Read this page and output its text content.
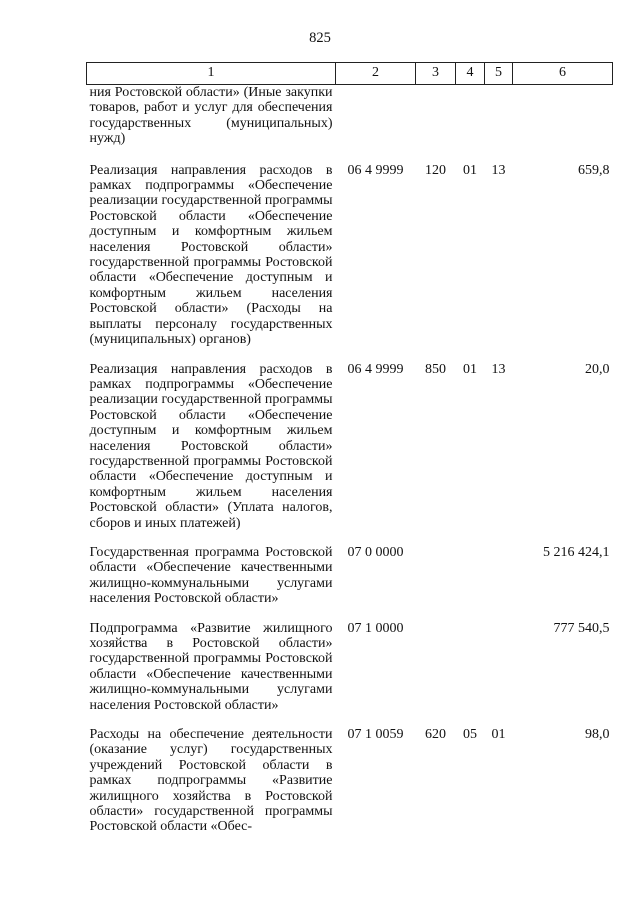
825
1	2	3	4	5	6
ния Ростовской области» (Иные закупки товаров, работ и услуг для обеспечения государственных (муниципальных) нужд)					
Реализация направления расходов в рамках подпрограммы «Обеспечение реализации государственной программы Ростовской области «Обеспечение доступным и комфортным жильем населения Ростовской области» государственной программы Ростовской области «Обеспечение доступным и комфортным жильем населения Ростовской области» (Расходы на выплаты персоналу государственных (муниципальных) органов)	06 4 9999	120	01	13	659,8
Реализация направления расходов в рамках подпрограммы «Обеспечение реализации государственной программы Ростовской области «Обеспечение доступным и комфортным жильем населения Ростовской области» государственной программы Ростовской области «Обеспечение доступным и комфортным жильем населения Ростовской области» (Уплата налогов, сборов и иных платежей)	06 4 9999	850	01	13	20,0
Государственная программа Ростовской области «Обеспечение качественными жилищно-коммунальными услугами населения Ростовской области»	07 0 0000				5 216 424,1
Подпрограмма «Развитие жилищного хозяйства в Ростовской области» государственной программы Ростовской области «Обеспечение качественными жилищно-коммунальными услугами населения Ростовской области»	07 1 0000				777 540,5
Расходы на обеспечение деятельности (оказание услуг) государственных учреждений Ростовской области в рамках подпрограммы «Развитие жилищного хозяйства в Ростовской области» государственной программы Ростовской области «Обес-	07 1 0059	620	05	01	98,0
